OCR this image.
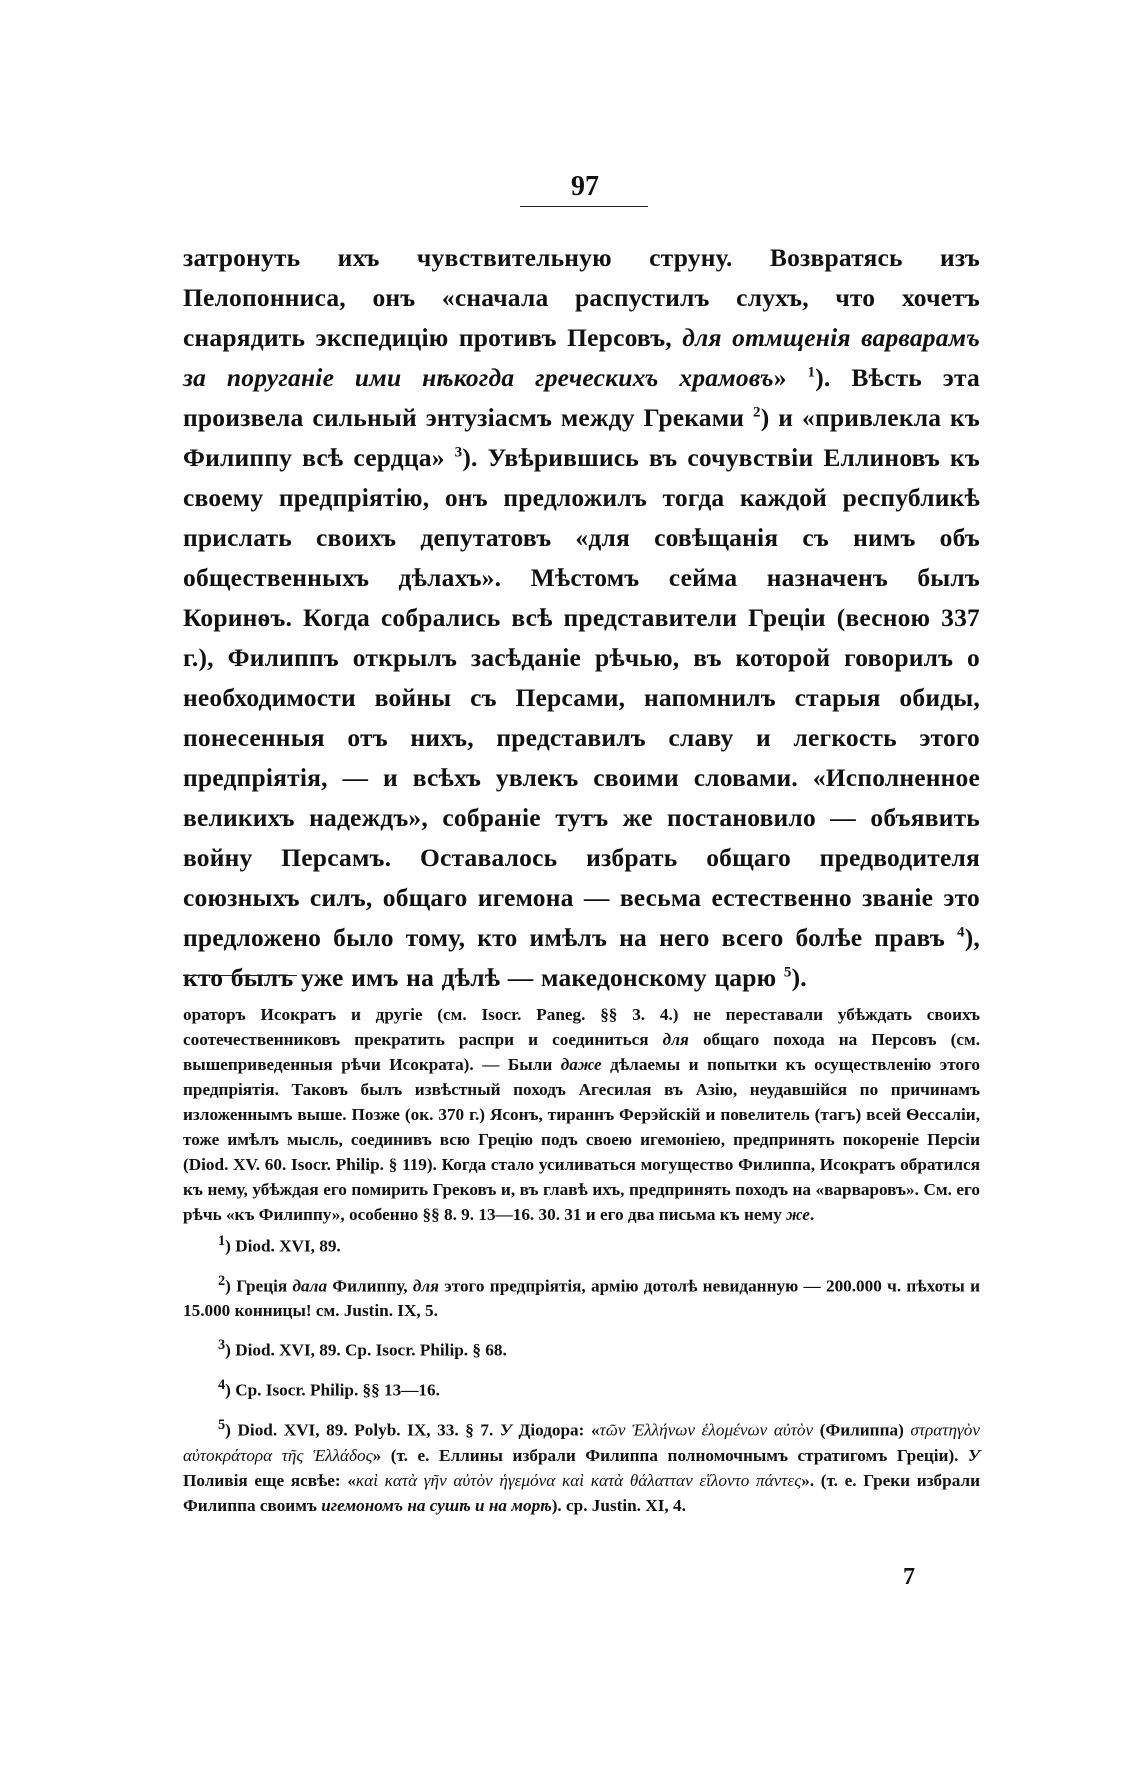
97

затронуть ихъ чувствительную струну. Возвратясь изъ Пелопонниса, онъ «сначала распустилъ слухъ, что хочетъ снарядить экспедицію противъ Персовъ, для отмщенія варварамъ за поруганіе ими нѣкогда греческихъ храмовъ» $^1$). Вѣсть эта произвела сильный энтузіасмъ между Греками $^2$) и «привлекла къ Филиппу всѣ сердца» $^3$). Увѣрившись въ сочувствіи Еллиновъ къ своему предпріятію, онъ предложилъ тогда каждой республикѣ прислать своихъ депутатовъ «для совѣщанія съ нимъ объ общественныхъ дѣлахъ». Мѣстомъ сейма назначенъ былъ Коринѳъ. Когда собрались всѣ представители Греціи (весною 337 г.), Филиппъ открылъ засѣданіе рѣчью, въ которой говорилъ о необходимости войны съ Персами, напомнилъ старыя обиды, понесенныя отъ нихъ, представилъ славу и легкость этого предпріятія, — и всѣхъ увлекъ своими словами. «Исполненное великихъ надеждъ», собраніе тутъ же постановило — объявить войну Персамъ. Оставалось избрать общаго предводителя союзныхъ силъ, общаго игемона — весьма естественно званіе это предложено было тому, кто имѣлъ на него всего болѣе правъ $^4$), кто былъ уже имъ на дѣлѣ — македонскому царю $^5$).

ораторъ Исократъ и другіе (см. Isocr. Paneg. §§ 3. 4.) не переставали убѣждать своихъ соотечественниковъ прекратить распри и соединиться для общаго похода на Персовъ (см. вышеприведенныя рѣчи Исократа). — Были даже дѣлаемы и попытки къ осуществленію этого предпріятія. Таковъ былъ извѣстный походъ Агесилая въ Азію, неудавшійся по причинамъ изложеннымъ выше. Позже (ок. 370 г.) Ясонъ, тираннъ Ферэйскій и повелитель (тагъ) всей Ѳессаліи, тоже имѣлъ мысль, соединивъ всю Грецію подъ своею игемоніею, предпринять покореніе Персіи (Diod. XV. 60. Isocr. Philip. § 119). Когда стало усиливаться могущество Филиппа, Исократъ обратился къ нему, убѣждая его помирить Грековъ и, въ главѣ ихъ, предпринять походъ на «варваровъ». См. его рѣчь «къ Филиппу», особенно §§ 8. 9. 13—16. 30. 31 и его два письма къ нему же.

$^1$) Diod. XVI, 89.

$^2$) Греція дала Филиппу, для этого предпріятія, армію дотолѣ невиданную — 200.000 ч. пѣхоты и 15.000 конницы! см. Justin. IX, 5.

$^3$) Diod. XVI, 89. Cp. Isocr. Philip. § 68.

$^4$) Cp. Isocr. Philip. §§ 13—16.

$^5$) Diod. XVI, 89. Polyb. IX, 33. § 7. У Діодора: «τῶν Ἑλλήνων ἑλομένων αὐτὸν (Филиппа) στρατηγὸν αὐτοκράτορα τῆς Ἑλλάδος» (т. е. Еллины избрали Филиппа полномочнымъ стратигомъ Греціи). У Поливія еще ясвѣе: «καὶ κατὰ γῆν αὐτὸν ἡγεμόνα καὶ κατὰ θάλατταν εἵλοντο πάντες». (т. е. Греки избрали Филиппа своимъ игемономъ на сушѣ и на морѣ). ср. Justin. XI, 4.

7
